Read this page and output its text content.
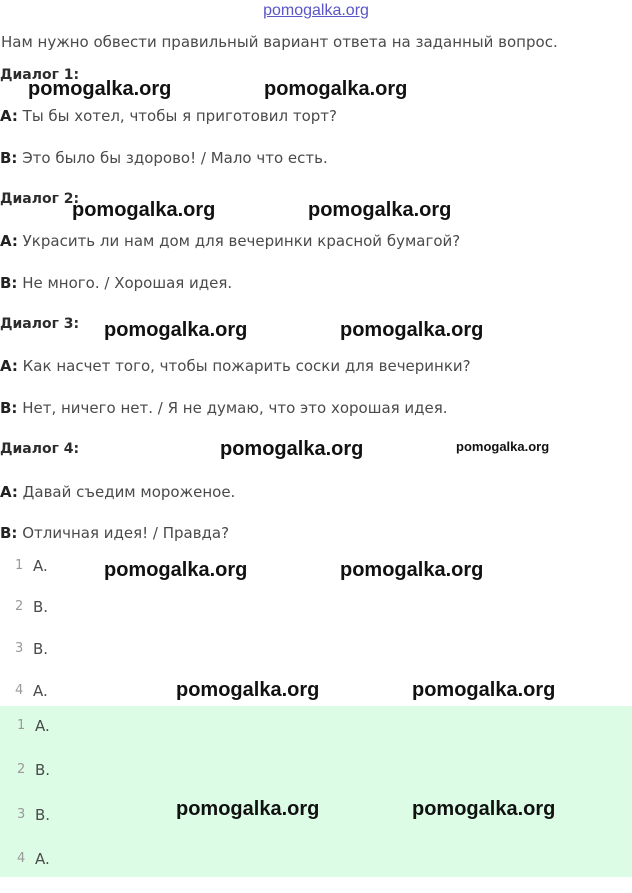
pomogalka.org
Нам нужно обвести правильный вариант ответа на заданный вопрос.
Диалог 1:
A: Ты бы хотел, чтобы я приготовил торт?
B: Это было бы здорово! / Мало что есть.
Диалог 2:
A: Украсить ли нам дом для вечеринки красной бумагой?
B: Не много. / Хорошая идея.
Диалог 3:
A: Как насчет того, чтобы пожарить соски для вечеринки?
B: Нет, ничего нет. / Я не думаю, что это хорошая идея.
Диалог 4:
A: Давай съедим мороженое.
B: Отличная идея! / Правда?
1 A.
2 B.
3 B.
4 A.
1 A.
2 B.
3 B.
4 A.
pomogalka.org	pomogalka.org
pomogalka.org	pomogalka.org
pomogalka.org	pomogalka.org
pomogalka.org	pomogalka.org
pomogalka.org	pomogalka.org
pomogalka.org	pomogalka.org
pomogalka.org	pomogalka.org
